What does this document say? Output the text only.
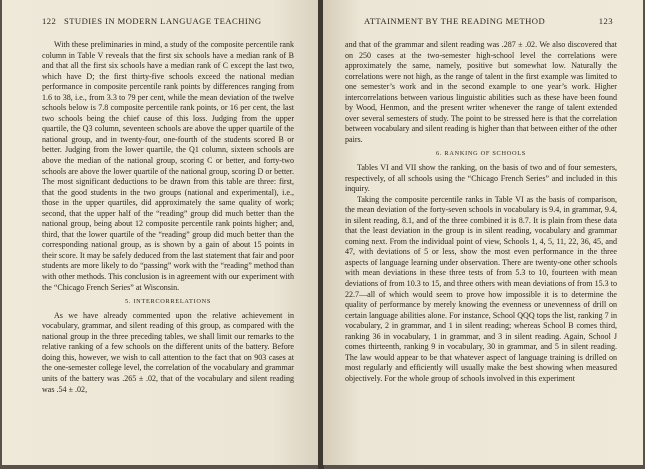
122 STUDIES IN MODERN LANGUAGE TEACHING

With these preliminaries in mind, a study of the composite percentile rank column in Table V reveals that the first six schools have a median rank of B and that all the first six schools have a median rank of C except the last two, which have D; the first thirty-five schools exceed the national median performance in composite percentile rank points by differences ranging from 1.6 to 38, i.e., from 3.3 to 79 per cent, while the mean deviation of the twelve schools below is 7.8 composite percentile rank points, or 16 per cent, the last two schools being the chief cause of this loss. Judging from the upper quartile, the Q3 column, seventeen schools are above the upper quartile of the national group, and in twenty-four, one-fourth of the students scored B or better. Judging from the lower quartile, the Q1 column, sixteen schools are above the median of the national group, scoring C or better, and forty-two schools are above the lower quartile of the national group, scoring D or better. The most significant deductions to be drawn from this table are three: first, that the good students in the two groups (national and experimental), i.e., those in the upper quartiles, did approximately the same quality of work; second, that the upper half of the “reading” group did much better than the national group, being about 12 composite percentile rank points higher; and, third, that the lower quartile of the “reading” group did much better than the corresponding national group, as is shown by a gain of about 15 points in their score. It may be safely deduced from the last statement that fair and poor students are more likely to do “passing” work with the “reading” method than with other methods. This conclusion is in agreement with our experiment with the “Chicago French Series” at Wisconsin.

5. INTERCORRELATIONS

As we have already commented upon the relative achievement in vocabulary, grammar, and silent reading of this group, as compared with the national group in the three preceding tables, we shall limit our remarks to the relative ranking of a few schools on the different units of the battery. Before doing this, however, we wish to call attention to the fact that on 903 cases at the one-semester college level, the correlation of the vocabulary and grammar units of the battery was .265 ± .02, that of the vocabulary and silent reading was .54 ± .02,

ATTAINMENT BY THE READING METHOD	123

and that of the grammar and silent reading was .287 ± .02. We also discovered that on 250 cases at the two-semester high-school level the correlations were approximately the same, namely, positive but somewhat low. Naturally the correlations were not high, as the range of talent in the first example was limited to one semester’s work and in the second example to one year’s work. Higher intercorrelations between various linguistic abilities such as these have been found by Wood, Henmon, and the present writer whenever the range of talent extended over several semesters of study. The point to be stressed here is that the correlation between vocabulary and silent reading is higher than that between either of the other pairs.

6. RANKING OF SCHOOLS

Tables VI and VII show the ranking, on the basis of two and of four semesters, respectively, of all schools using the “Chicago French Series” and included in this inquiry.

Taking the composite percentile ranks in Table VI as the basis of comparison, the mean deviation of the forty-seven schools in vocabulary is 9.4, in grammar, 9.4, in silent reading, 8.1, and of the three combined it is 8.7. It is plain from these data that the least deviation in the group is in silent reading, vocabulary and grammar coming next. From the individual point of view, Schools 1, 4, 5, 11, 22, 36, 45, and 47, with deviations of 5 or less, show the most even performance in the three aspects of language learning under observation. There are twenty-one other schools with mean deviations in these three tests of from 5.3 to 10, fourteen with mean deviations of from 10.3 to 15, and three others with mean deviations of from 15.3 to 22.7—all of which would seem to prove how impossible it is to determine the quality of performance by merely knowing the evenness or unevenness of drill on certain language abilities alone. For instance, School QQQ tops the list, ranking 7 in vocabulary, 2 in grammar, and 1 in silent reading; whereas School B comes third, ranking 36 in vocabulary, 1 in grammar, and 3 in silent reading. Again, School J comes thirteenth, ranking 9 in vocabulary, 30 in grammar, and 5 in silent reading. The law would appear to be that whatever aspect of language training is drilled on most regularly and efficiently will usually make the best showing when measured objectively. For the whole group of schools involved in this experiment
